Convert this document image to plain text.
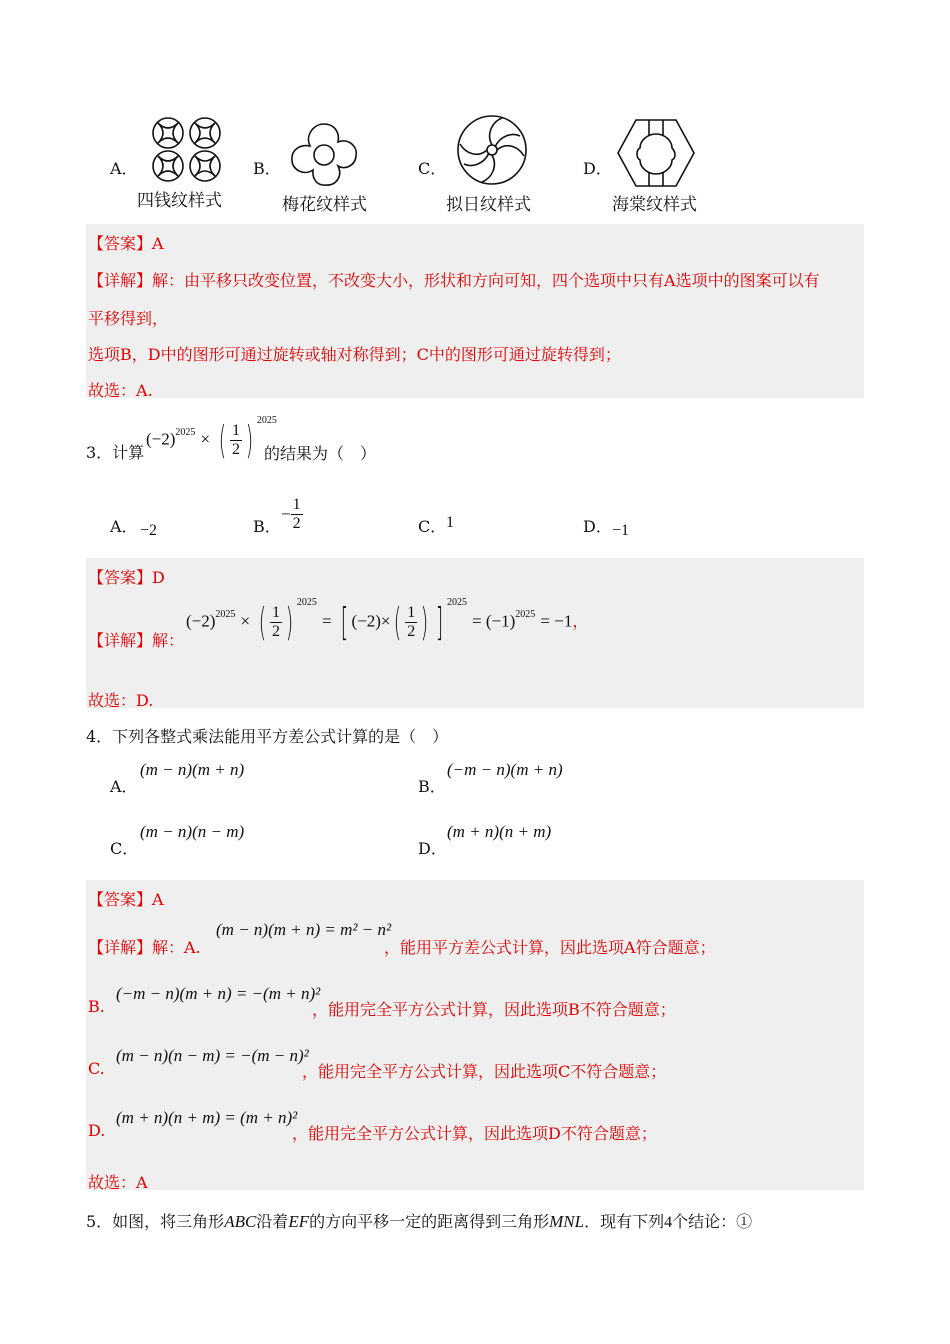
A．
四钱纹样式
B．
梅花纹样式
C．
拟日纹样式
D．
海棠纹样式
【答案】A
【详解】解：由平移只改变位置，不改变大小，形状和方向可知，四个选项中只有A选项中的图案可以有
平移得到，
选项B，D中的图形可通过旋转或轴对称得到；C中的图形可通过旋转得到；
故选：A.
3．计算
$(-2)^{2025}$ × ( $\frac{1}{2}$ ) $^{2025}$
的结果为（　）
A． −2	B．
− $\frac{1}{2}$	C． 1	D． −1
【答案】D
【详解】解：
$(-2)^{2025}$ × ( $\frac{1}{2}$ ) $^{2025}$ = [ $(-2)\times( \frac{1}{2}$ ) ] $^{2025} = (-1)^{2025} = -1$，
故选：D.
4．下列各整式乘法能用平方差公式计算的是（　）
A．
(m − n)(m + n)
B．
(−m − n)(m + n)
C．
(m − n)(n − m)
D．
(m + n)(n + m)
【答案】A
【详解】解：A.
(m − n)(m + n) = m² − n²
，能用平方差公式计算，因此选项A符合题意；
B.
(−m − n)(m + n) = −(m + n)²
，能用完全平方公式计算，因此选项B不符合题意；
C.
(m − n)(n − m) = −(m − n)²
，能用完全平方公式计算，因此选项C不符合题意；
D.
(m + n)(n + m) = (m + n)²
，能用完全平方公式计算，因此选项D不符合题意；
故选：A
5．如图，将三角形ABC沿着EF的方向平移一定的距离得到三角形MNL．现有下列4个结论：①
